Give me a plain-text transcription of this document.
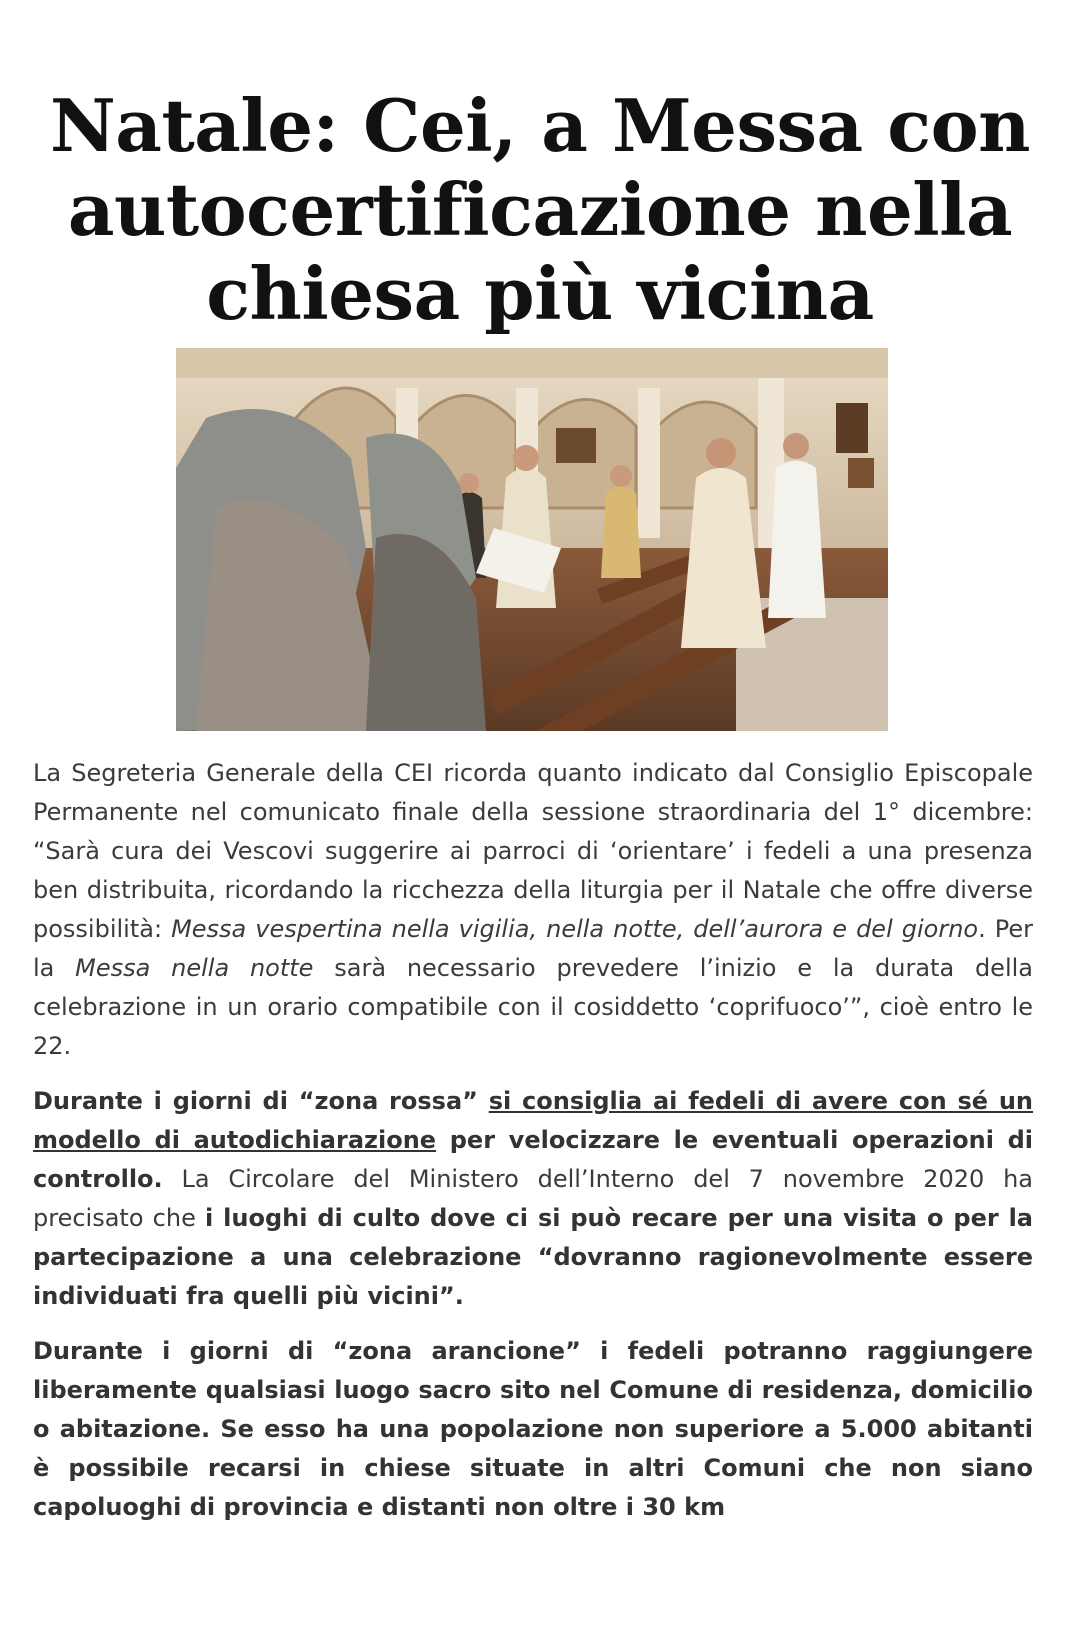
Natale: Cei, a Messa con autocertificazione nella chiesa più vicina

La Segreteria Generale della CEI ricorda quanto indicato dal Consiglio Episcopale Permanente nel comunicato finale della sessione straordinaria del 1° dicembre: “Sarà cura dei Vescovi suggerire ai parroci di ‘orientare’ i fedeli a una presenza ben distribuita, ricordando la ricchezza della liturgia per il Natale che offre diverse possibilità: Messa vespertina nella vigilia, nella notte, dell’aurora e del giorno. Per la Messa nella notte sarà necessario prevedere l’inizio e la durata della celebrazione in un orario compatibile con il cosiddetto ‘coprifuoco’”, cioè entro le 22.

Durante i giorni di “zona rossa” si consiglia ai fedeli di avere con sé un modello di autodichiarazione per velocizzare le eventuali operazioni di controllo. La Circolare del Ministero dell’Interno del 7 novembre 2020 ha precisato che i luoghi di culto dove ci si può recare per una visita o per la partecipazione a una celebrazione “dovranno ragionevolmente essere individuati fra quelli più vicini”.

Durante i giorni di “zona arancione” i fedeli potranno raggiungere liberamente qualsiasi luogo sacro sito nel Comune di residenza, domicilio o abitazione. Se esso ha una popolazione non superiore a 5.000 abitanti è possibile recarsi in chiese situate in altri Comuni che non siano capoluoghi di provincia e distanti non oltre i 30 km
